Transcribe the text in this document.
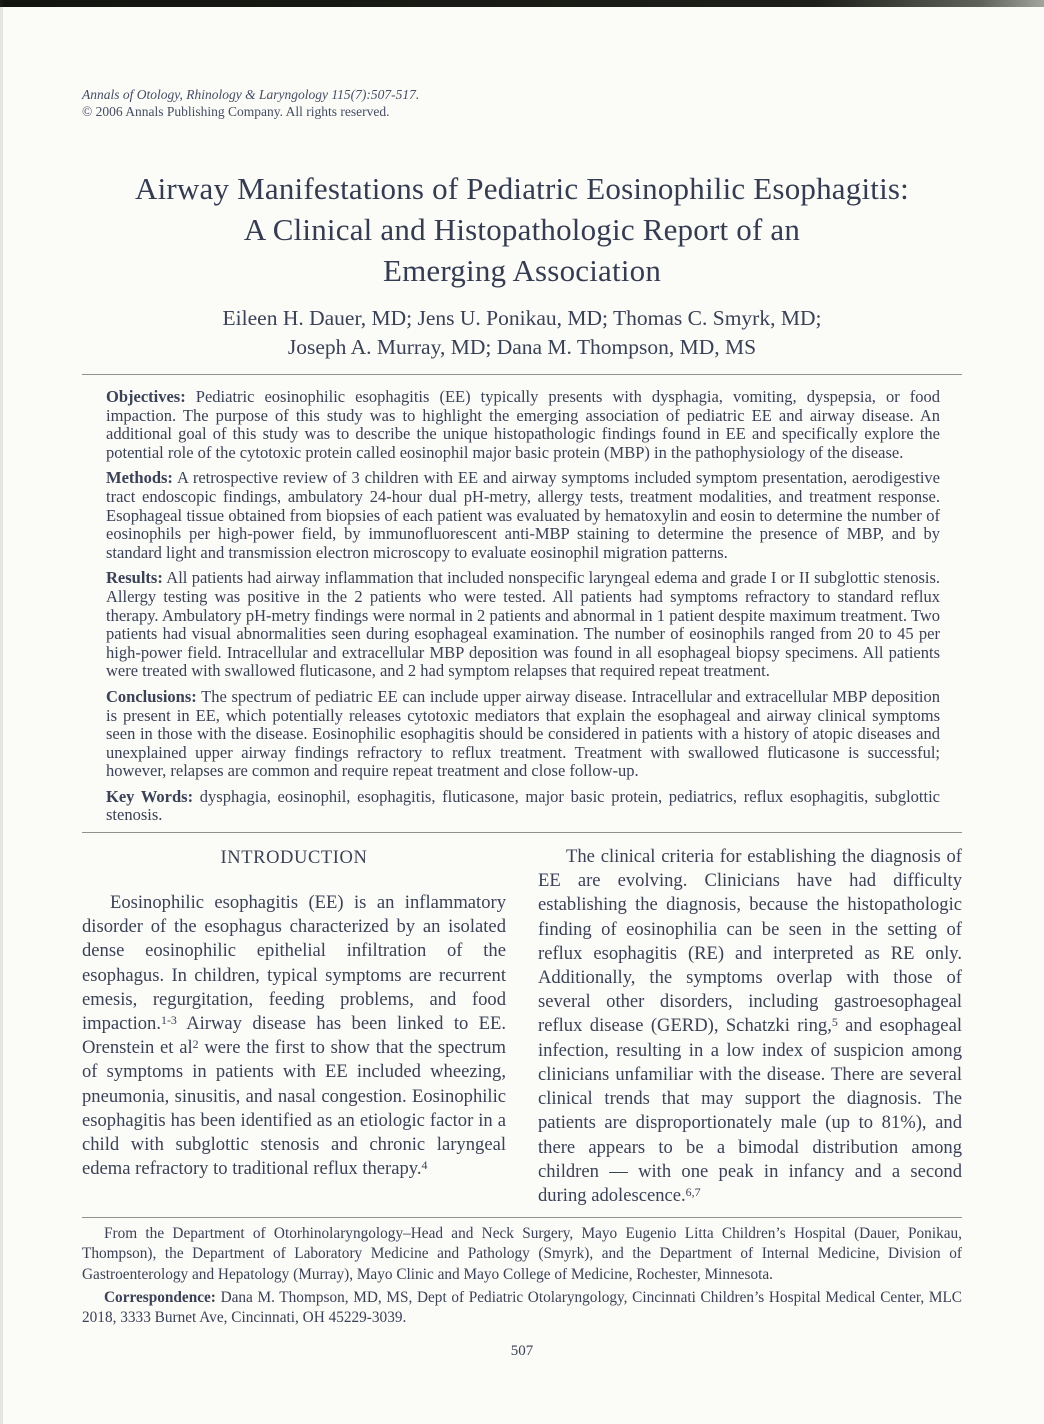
Annals of Otology, Rhinology & Laryngology 115(7):507-517.
© 2006 Annals Publishing Company. All rights reserved.
Airway Manifestations of Pediatric Eosinophilic Esophagitis:
A Clinical and Histopathologic Report of an
Emerging Association
Eileen H. Dauer, MD; Jens U. Ponikau, MD; Thomas C. Smyrk, MD;
Joseph A. Murray, MD; Dana M. Thompson, MD, MS

Objectives: Pediatric eosinophilic esophagitis (EE) typically presents with dysphagia, vomiting, dyspepsia, or food impaction. The purpose of this study was to highlight the emerging association of pediatric EE and airway disease. An additional goal of this study was to describe the unique histopathologic findings found in EE and specifically explore the potential role of the cytotoxic protein called eosinophil major basic protein (MBP) in the pathophysiology of the disease.

Methods: A retrospective review of 3 children with EE and airway symptoms included symptom presentation, aerodigestive tract endoscopic findings, ambulatory 24-hour dual pH-metry, allergy tests, treatment modalities, and treatment response. Esophageal tissue obtained from biopsies of each patient was evaluated by hematoxylin and eosin to determine the number of eosinophils per high-power field, by immunofluorescent anti-MBP staining to determine the presence of MBP, and by standard light and transmission electron microscopy to evaluate eosinophil migration patterns.

Results: All patients had airway inflammation that included nonspecific laryngeal edema and grade I or II subglottic stenosis. Allergy testing was positive in the 2 patients who were tested. All patients had symptoms refractory to standard reflux therapy. Ambulatory pH-metry findings were normal in 2 patients and abnormal in 1 patient despite maximum treatment. Two patients had visual abnormalities seen during esophageal examination. The number of eosinophils ranged from 20 to 45 per high-power field. Intracellular and extracellular MBP deposition was found in all esophageal biopsy specimens. All patients were treated with swallowed fluticasone, and 2 had symptom relapses that required repeat treatment.

Conclusions: The spectrum of pediatric EE can include upper airway disease. Intracellular and extracellular MBP deposition is present in EE, which potentially releases cytotoxic mediators that explain the esophageal and airway clinical symptoms seen in those with the disease. Eosinophilic esophagitis should be considered in patients with a history of atopic diseases and unexplained upper airway findings refractory to reflux treatment. Treatment with swallowed fluticasone is successful; however, relapses are common and require repeat treatment and close follow-up.

Key Words: dysphagia, eosinophil, esophagitis, fluticasone, major basic protein, pediatrics, reflux esophagitis, subglottic stenosis.

INTRODUCTION

Eosinophilic esophagitis (EE) is an inflammatory disorder of the esophagus characterized by an isolated dense eosinophilic epithelial infiltration of the esophagus. In children, typical symptoms are recurrent emesis, regurgitation, feeding problems, and food impaction.$^{1-3}$ Airway disease has been linked to EE. Orenstein et $al^2$ were the first to show that the spectrum of symptoms in patients with EE included wheezing, pneumonia, sinusitis, and nasal congestion. Eosinophilic esophagitis has been identified as an etiologic factor in a child with subglottic stenosis and chronic laryngeal edema refractory to traditional reflux therapy.$^4$

The clinical criteria for establishing the diagnosis of EE are evolving. Clinicians have had difficulty establishing the diagnosis, because the histopathologic finding of eosinophilia can be seen in the setting of reflux esophagitis (RE) and interpreted as RE only. Additionally, the symptoms overlap with those of several other disorders, including gastroesophageal reflux disease (GERD), Schatzki ring,$^5$ and esophageal infection, resulting in a low index of suspicion among clinicians unfamiliar with the disease. There are several clinical trends that may support the diagnosis. The patients are disproportionately male (up to 81%), and there appears to be a bimodal distribution among children — with one peak in infancy and a second during adolescence.$^{6,7}$

From the Department of Otorhinolaryngology–Head and Neck Surgery, Mayo Eugenio Litta Children’s Hospital (Dauer, Ponikau, Thompson), the Department of Laboratory Medicine and Pathology (Smyrk), and the Department of Internal Medicine, Division of Gastroenterology and Hepatology (Murray), Mayo Clinic and Mayo College of Medicine, Rochester, Minnesota.

Correspondence: Dana M. Thompson, MD, MS, Dept of Pediatric Otolaryngology, Cincinnati Children’s Hospital Medical Center, MLC 2018, 3333 Burnet Ave, Cincinnati, OH 45229-3039.

507
